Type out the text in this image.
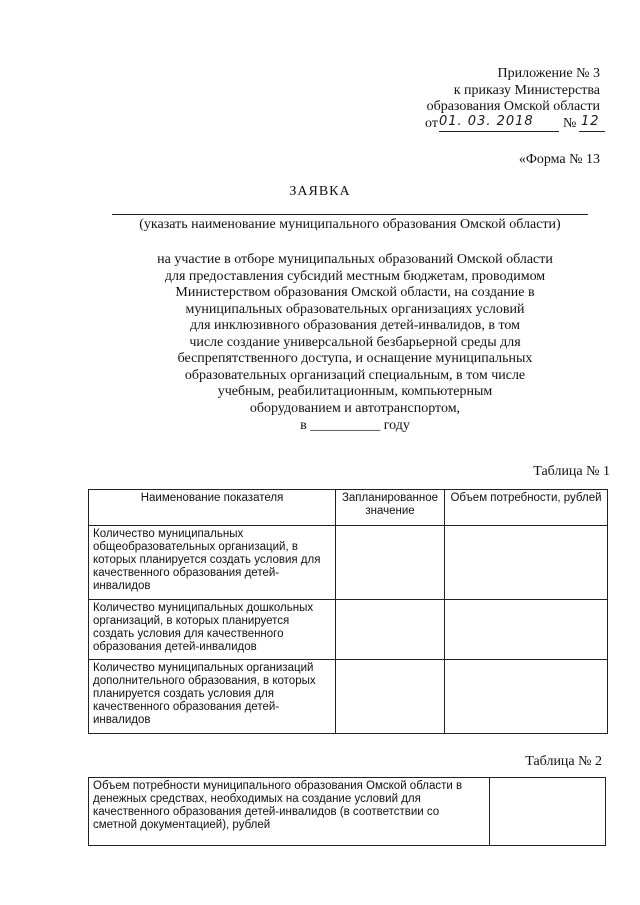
Приложение № 3
к приказу Министерства
образования Омской области
от 01. 03. 2018 № 12
«Форма № 13
ЗАЯВКА
(указать наименование муниципального образования Омской области)
на участие в отборе муниципальных образований Омской области
для предоставления субсидий местным бюджетам, проводимом
Министерством образования Омской области, на создание в
муниципальных образовательных организациях условий
для инклюзивного образования детей-инвалидов, в том
числе создание универсальной безбарьерной среды для
беспрепятственного доступа, и оснащение муниципальных
образовательных организаций специальным, в том числе
учебным, реабилитационным, компьютерным
оборудованием и автотранспортом,
в __________ году
Таблица № 1
Наименование показателя	Запланированное значение	Объем потребности, рублей
Количество муниципальных общеобразовательных организаций, в которых планируется создать условия для качественного образования детей-инвалидов		
Количество муниципальных дошкольных организаций, в которых планируется создать условия для качественного образования детей-инвалидов		
Количество муниципальных организаций дополнительного образования, в которых планируется создать условия для качественного образования детей-инвалидов		
Таблица № 2
Объем потребности муниципального образования Омской области в денежных средствах, необходимых на создание условий для качественного образования детей-инвалидов (в соответствии со сметной документацией), рублей	
